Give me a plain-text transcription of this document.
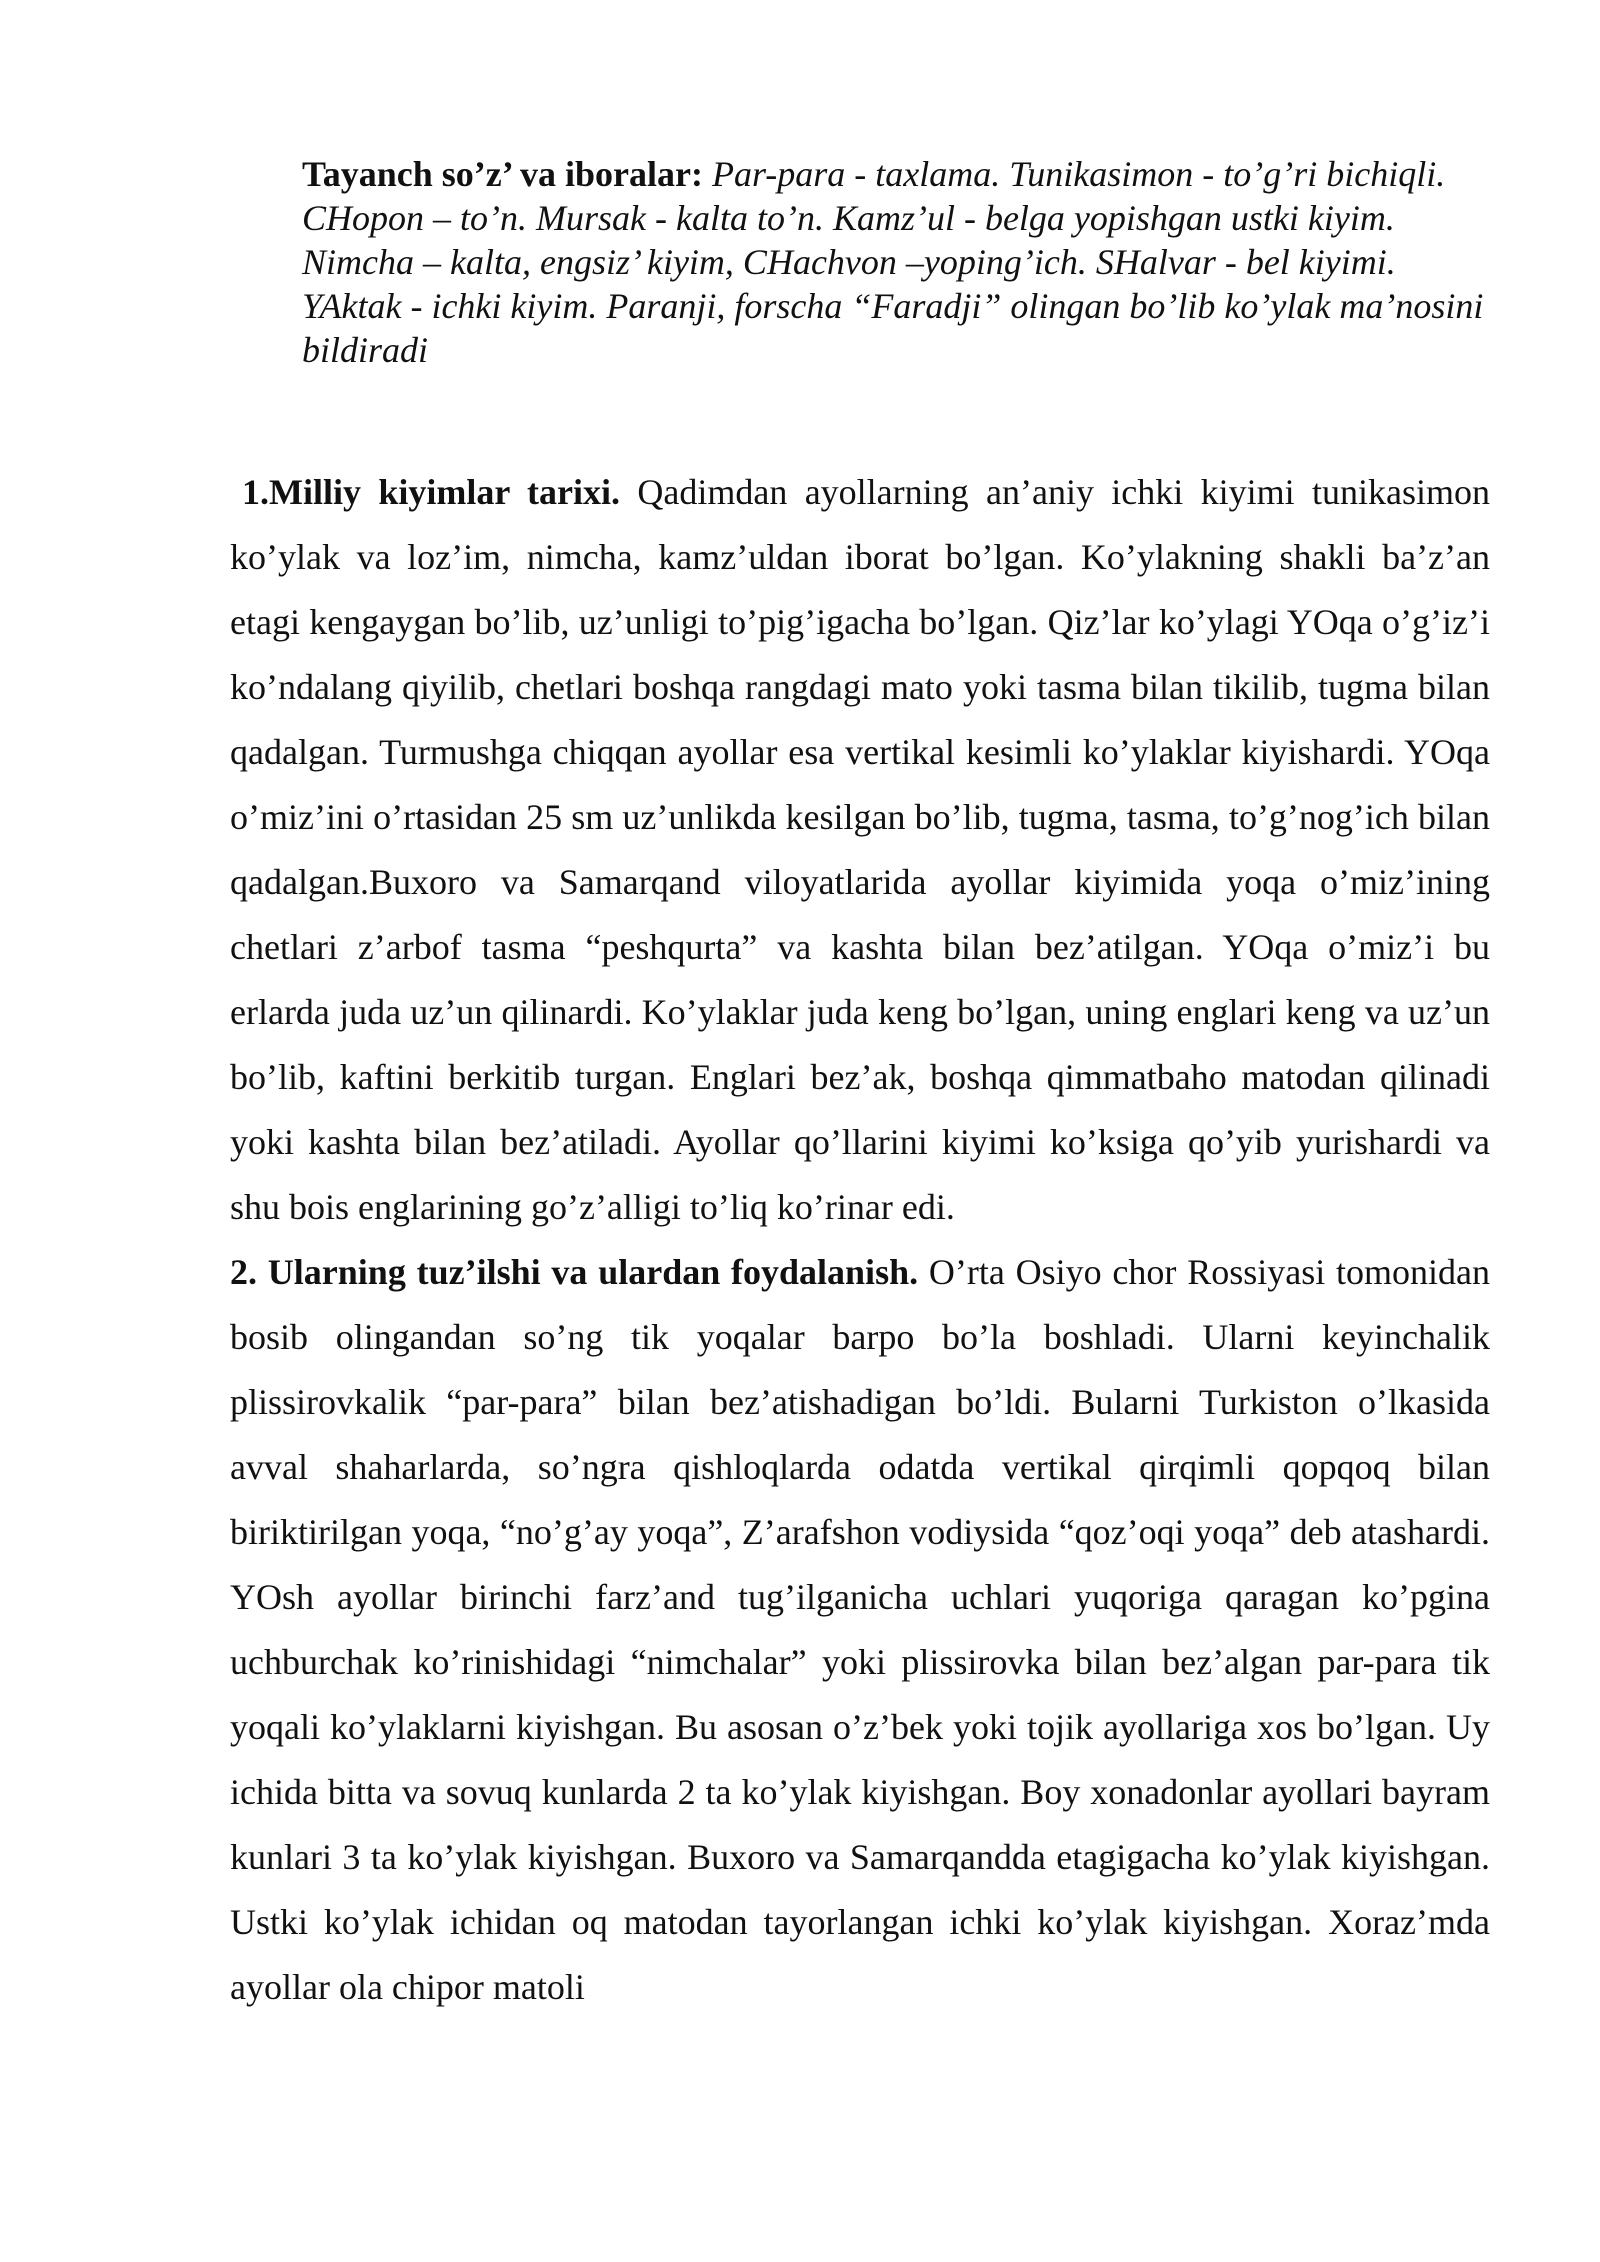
Tayanch so’z’ va iboralar: Par-para - taxlama. Tunikasimon - to’g’ri bichiqli. CHopon – to’n. Mursak - kalta to’n. Kamz’ul - belga yopishgan ustki kiyim. Nimcha – kalta, engsiz’ kiyim, CHachvon –yoping’ich. SHalvar - bel kiyimi. YAktak - ichki kiyim. Paranji, forscha “Faradji” olingan bo’lib ko’ylak ma’nosini bildiradi

1.Milliy kiyimlar tarixi. Qadimdan ayollarning an’aniy ichki kiyimi tunikasimon ko’ylak va loz’im, nimcha, kamz’uldan iborat bo’lgan. Ko’ylakning shakli ba’z’an etagi kengaygan bo’lib, uz’unligi to’pig’igacha bo’lgan. Qiz’lar ko’ylagi YOqa o’g’iz’i ko’ndalang qiyilib, chetlari boshqa rangdagi mato yoki tasma bilan tikilib, tugma bilan qadalgan. Turmushga chiqqan ayollar esa vertikal kesimli ko’ylaklar kiyishardi. YOqa o’miz’ini o’rtasidan 25 sm uz’unlikda kesilgan bo’lib, tugma, tasma, to’g’nog’ich bilan qadalgan.Buxoro va Samarqand viloyatlarida ayollar kiyimida yoqa o’miz’ining chetlari z’arbof tasma “peshqurta” va kashta bilan bez’atilgan. YOqa o’miz’i bu erlarda juda uz’un qilinardi. Ko’ylaklar juda keng bo’lgan, uning englari keng va uz’un bo’lib, kaftini berkitib turgan. Englari bez’ak, boshqa qimmatbaho matodan qilinadi yoki kashta bilan bez’atiladi. Ayollar qo’llarini kiyimi ko’ksiga qo’yib yurishardi va shu bois englarining go’z’alligi to’liq ko’rinar edi.

2. Ularning tuz’ilshi va ulardan foydalanish. O’rta Osiyo chor Rossiyasi tomonidan bosib olingandan so’ng tik yoqalar barpo bo’la boshladi. Ularni keyinchalik plissirovkalik “par-para” bilan bez’atishadigan bo’ldi. Bularni Turkiston o’lkasida avval shaharlarda, so’ngra qishloqlarda odatda vertikal qirqimli qopqoq bilan biriktirilgan yoqa, “no’g’ay yoqa”, Z’arafshon vodiysida “qoz’oqi yoqa” deb atashardi. YOsh ayollar birinchi farz’and tug’ilganicha uchlari yuqoriga qaragan ko’pgina uchburchak ko’rinishidagi “nimchalar” yoki plissirovka bilan bez’algan par-para tik yoqali ko’ylaklarni kiyishgan. Bu asosan o’z’bek yoki tojik ayollariga xos bo’lgan. Uy ichida bitta va sovuq kunlarda 2 ta ko’ylak kiyishgan. Boy xonadonlar ayollari bayram kunlari 3 ta ko’ylak kiyishgan. Buxoro va Samarqandda etagigacha ko’ylak kiyishgan. Ustki ko’ylak ichidan oq matodan tayorlangan ichki ko’ylak kiyishgan. Xoraz’mda ayollar ola chipor matoli
